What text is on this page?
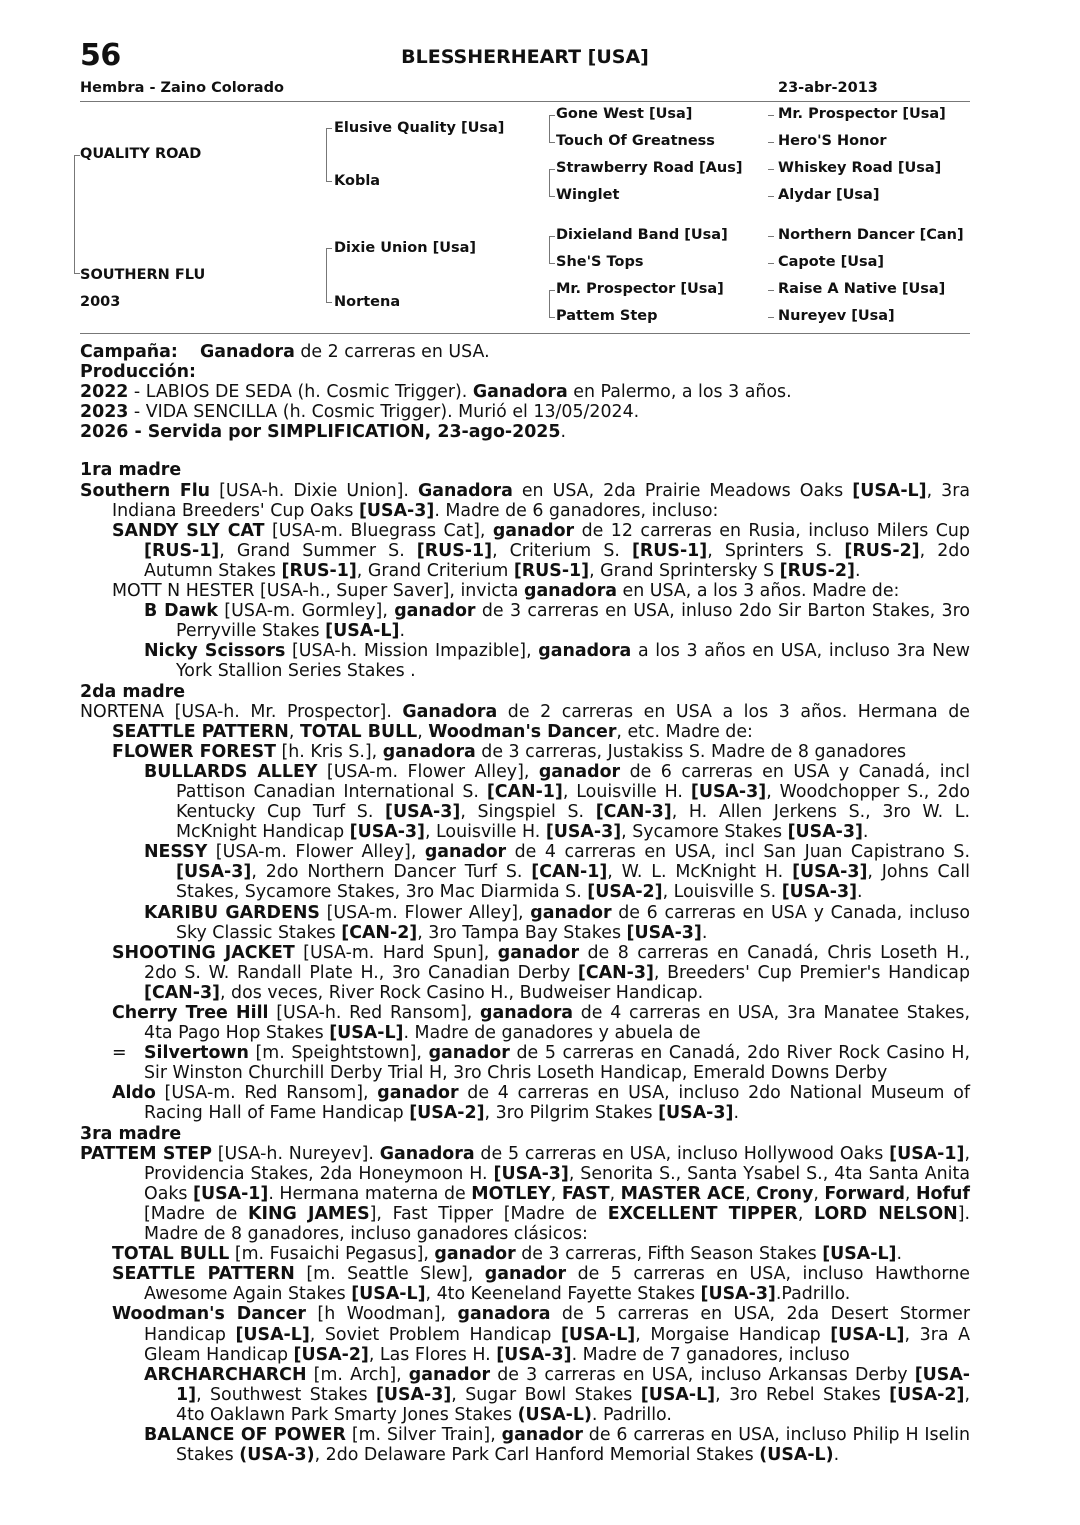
56	BLESSHERHEART [USA]
Hembra - Zaino Colorado	23-abr-2013
QUALITY ROAD
SOUTHERN FLU
2003
Elusive Quality [Usa]
Kobla
Dixie Union [Usa]
Nortena
Gone West [Usa]
Touch Of Greatness
Strawberry Road [Aus]
Winglet
Dixieland Band [Usa]
She'S Tops
Mr. Prospector [Usa]
Pattem Step
Mr. Prospector [Usa]
Hero'S Honor
Whiskey Road [Usa]
Alydar [Usa]
Northern Dancer [Can]
Capote [Usa]
Raise A Native [Usa]
Nureyev [Usa]

Campaña: Ganadora de 2 carreras en USA.

Producción:

2022 - LABIOS DE SEDA (h. Cosmic Trigger). Ganadora en Palermo, a los 3 años.

2023 - VIDA SENCILLA (h. Cosmic Trigger). Murió el 13/05/2024.

2026 - Servida por SIMPLIFICATION, 23-ago-2025.

1ra madre

Southern Flu [USA-h. Dixie Union]. Ganadora en USA, 2da Prairie Meadows Oaks [USA-L], 3ra Indiana Breeders' Cup Oaks [USA-3]. Madre de 6 ganadores, incluso:

SANDY SLY CAT [USA-m. Bluegrass Cat], ganador de 12 carreras en Rusia, incluso Milers Cup [RUS-1], Grand Summer S. [RUS-1], Criterium S. [RUS-1], Sprinters S. [RUS-2], 2do Autumn Stakes [RUS-1], Grand Criterium [RUS-1], Grand Sprintersky S [RUS-2].

MOTT N HESTER [USA-h., Super Saver], invicta ganadora en USA, a los 3 años. Madre de:

B Dawk [USA-m. Gormley], ganador de 3 carreras en USA, inluso 2do Sir Barton Stakes, 3ro Perryville Stakes [USA-L].

Nicky Scissors [USA-h. Mission Impazible], ganadora a los 3 años en USA, incluso 3ra New York Stallion Series Stakes .

2da madre

NORTENA [USA-h. Mr. Prospector]. Ganadora de 2 carreras en USA a los 3 años. Hermana de SEATTLE PATTERN, TOTAL BULL, Woodman's Dancer, etc. Madre de:

FLOWER FOREST [h. Kris S.], ganadora de 3 carreras, Justakiss S. Madre de 8 ganadores

BULLARDS ALLEY [USA-m. Flower Alley], ganador de 6 carreras en USA y Canadá, incl Pattison Canadian International S. [CAN-1], Louisville H. [USA-3], Woodchopper S., 2do Kentucky Cup Turf S. [USA-3], Singspiel S. [CAN-3], H. Allen Jerkens S., 3ro W. L. McKnight Handicap [USA-3], Louisville H. [USA-3], Sycamore Stakes [USA-3].

NESSY [USA-m. Flower Alley], ganador de 4 carreras en USA, incl San Juan Capistrano S. [USA-3], 2do Northern Dancer Turf S. [CAN-1], W. L. McKnight H. [USA-3], Johns Call Stakes, Sycamore Stakes, 3ro Mac Diarmida S. [USA-2], Louisville S. [USA-3].

KARIBU GARDENS [USA-m. Flower Alley], ganador de 6 carreras en USA y Canada, incluso Sky Classic Stakes [CAN-2], 3ro Tampa Bay Stakes [USA-3].

SHOOTING JACKET [USA-m. Hard Spun], ganador de 8 carreras en Canadá, Chris Loseth H., 2do S. W. Randall Plate H., 3ro Canadian Derby [CAN-3], Breeders' Cup Premier's Handicap [CAN-3], dos veces, River Rock Casino H., Budweiser Handicap.

Cherry Tree Hill [USA-h. Red Ransom], ganadora de 4 carreras en USA, 3ra Manatee Stakes, 4ta Pago Hop Stakes [USA-L]. Madre de ganadores y abuela de

= Silvertown [m. Speightstown], ganador de 5 carreras en Canadá, 2do River Rock Casino H, Sir Winston Churchill Derby Trial H, 3ro Chris Loseth Handicap, Emerald Downs Derby

Aldo [USA-m. Red Ransom], ganador de 4 carreras en USA, incluso 2do National Museum of Racing Hall of Fame Handicap [USA-2], 3ro Pilgrim Stakes [USA-3].

3ra madre

PATTEM STEP [USA-h. Nureyev]. Ganadora de 5 carreras en USA, incluso Hollywood Oaks [USA-1], Providencia Stakes, 2da Honeymoon H. [USA-3], Senorita S., Santa Ysabel S., 4ta Santa Anita Oaks [USA-1]. Hermana materna de MOTLEY, FAST, MASTER ACE, Crony, Forward, Hofuf [Madre de KING JAMES], Fast Tipper [Madre de EXCELLENT TIPPER, LORD NELSON]. Madre de 8 ganadores, incluso ganadores clásicos:

TOTAL BULL [m. Fusaichi Pegasus], ganador de 3 carreras, Fifth Season Stakes [USA-L].

SEATTLE PATTERN [m. Seattle Slew], ganador de 5 carreras en USA, incluso Hawthorne Awesome Again Stakes [USA-L], 4to Keeneland Fayette Stakes [USA-3].Padrillo.

Woodman's Dancer [h Woodman], ganadora de 5 carreras en USA, 2da Desert Stormer Handicap [USA-L], Soviet Problem Handicap [USA-L], Morgaise Handicap [USA-L], 3ra A Gleam Handicap [USA-2], Las Flores H. [USA-3]. Madre de 7 ganadores, incluso

ARCHARCHARCH [m. Arch], ganador de 3 carreras en USA, incluso Arkansas Derby [USA-1], Southwest Stakes [USA-3], Sugar Bowl Stakes [USA-L], 3ro Rebel Stakes [USA-2], 4to Oaklawn Park Smarty Jones Stakes (USA-L). Padrillo.

BALANCE OF POWER [m. Silver Train], ganador de 6 carreras en USA, incluso Philip H Iselin Stakes (USA-3), 2do Delaware Park Carl Hanford Memorial Stakes (USA-L).
